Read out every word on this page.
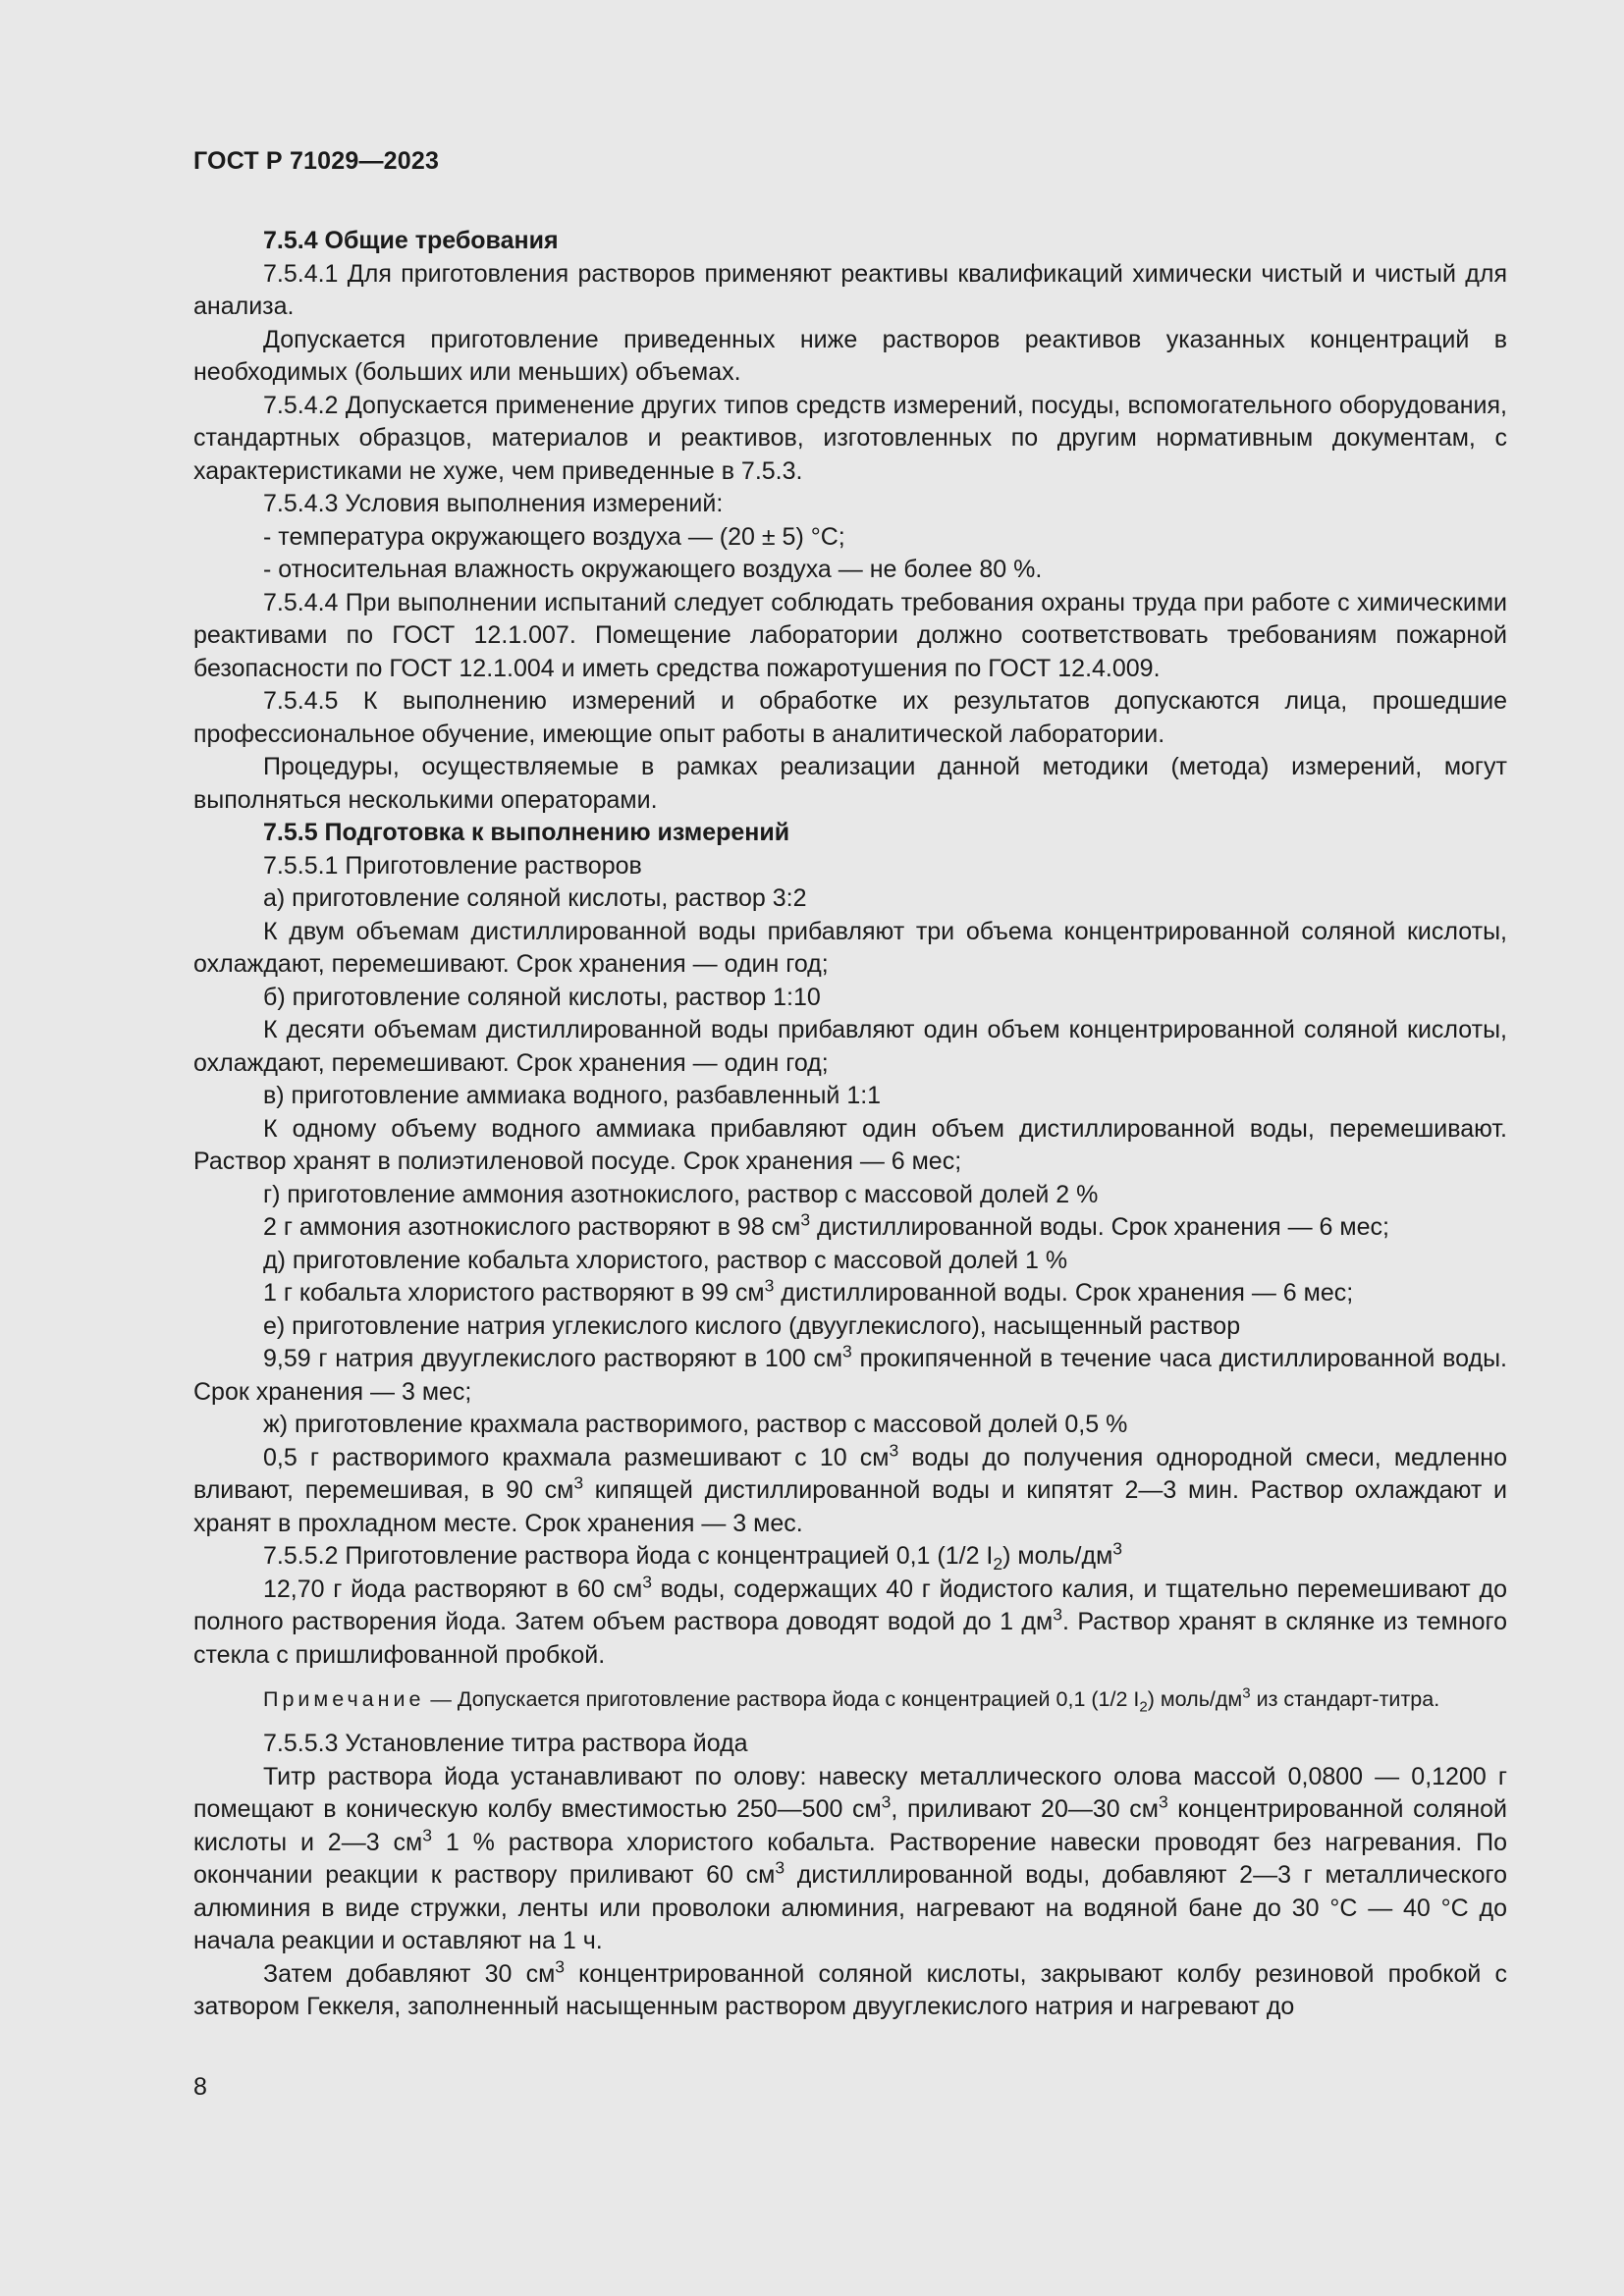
ГОСТ Р 71029—2023

7.5.4 Общие требования

7.5.4.1 Для приготовления растворов применяют реактивы квалификаций химически чистый и чистый для анализа.

Допускается приготовление приведенных ниже растворов реактивов указанных концентраций в необходимых (больших или меньших) объемах.

7.5.4.2 Допускается применение других типов средств измерений, посуды, вспомогательного оборудования, стандартных образцов, материалов и реактивов, изготовленных по другим нормативным документам, с характеристиками не хуже, чем приведенные в 7.5.3.

7.5.4.3 Условия выполнения измерений:

- температура окружающего воздуха — (20 ± 5) °С;

- относительная влажность окружающего воздуха — не более 80 %.

7.5.4.4 При выполнении испытаний следует соблюдать требования охраны труда при работе с химическими реактивами по ГОСТ 12.1.007. Помещение лаборатории должно соответствовать требованиям пожарной безопасности по ГОСТ 12.1.004 и иметь средства пожаротушения по ГОСТ 12.4.009.

7.5.4.5 К выполнению измерений и обработке их результатов допускаются лица, прошедшие профессиональное обучение, имеющие опыт работы в аналитической лаборатории.

Процедуры, осуществляемые в рамках реализации данной методики (метода) измерений, могут выполняться несколькими операторами.

7.5.5 Подготовка к выполнению измерений

7.5.5.1 Приготовление растворов

а) приготовление соляной кислоты, раствор 3:2

К двум объемам дистиллированной воды прибавляют три объема концентрированной соляной кислоты, охлаждают, перемешивают. Срок хранения — один год;

б) приготовление соляной кислоты, раствор 1:10

К десяти объемам дистиллированной воды прибавляют один объем концентрированной соляной кислоты, охлаждают, перемешивают. Срок хранения — один год;

в) приготовление аммиака водного, разбавленный 1:1

К одному объему водного аммиака прибавляют один объем дистиллированной воды, перемешивают. Раствор хранят в полиэтиленовой посуде. Срок хранения — 6 мес;

г) приготовление аммония азотнокислого, раствор с массовой долей 2 %

2 г аммония азотнокислого растворяют в 98 $см^3$ дистиллированной воды. Срок хранения — 6 мес;

д) приготовление кобальта хлористого, раствор с массовой долей 1 %

1 г кобальта хлористого растворяют в 99 $см^3$ дистиллированной воды. Срок хранения — 6 мес;

е) приготовление натрия углекислого кислого (двууглекислого), насыщенный раствор

9,59 г натрия двууглекислого растворяют в 100 $см^3$ прокипяченной в течение часа дистиллированной воды. Срок хранения — 3 мес;

ж) приготовление крахмала растворимого, раствор с массовой долей 0,5 %

0,5 г растворимого крахмала размешивают с 10 $см^3$ воды до получения однородной смеси, медленно вливают, перемешивая, в 90 $см^3$ кипящей дистиллированной воды и кипятят 2—3 мин. Раствор охлаждают и хранят в прохладном месте. Срок хранения — 3 мес.

7.5.5.2 Приготовление раствора йода с концентрацией 0,1 (1/2 $I_2$) моль/$дм^3$

12,70 г йода растворяют в 60 $см^3$ воды, содержащих 40 г йодистого калия, и тщательно перемешивают до полного растворения йода. Затем объем раствора доводят водой до 1 $дм^3$. Раствор хранят в склянке из темного стекла с пришлифованной пробкой.

Примечание — Допускается приготовление раствора йода с концентрацией 0,1 (1/2 $I_2$) моль/$дм^3$ из стандарт-титра.

7.5.5.3 Установление титра раствора йода

Титр раствора йода устанавливают по олову: навеску металлического олова массой 0,0800 — 0,1200 г помещают в коническую колбу вместимостью 250—500 $см^3$, приливают 20—30 $см^3$ концентрированной соляной кислоты и 2—3 $см^3$ 1 % раствора хлористого кобальта. Растворение навески проводят без нагревания. По окончании реакции к раствору приливают 60 $см^3$ дистиллированной воды, добавляют 2—3 г металлического алюминия в виде стружки, ленты или проволоки алюминия, нагревают на водяной бане до 30 °С — 40 °С до начала реакции и оставляют на 1 ч.

Затем добавляют 30 $см^3$ концентрированной соляной кислоты, закрывают колбу резиновой пробкой с затвором Геккеля, заполненный насыщенным раствором двууглекислого натрия и нагревают до

8
